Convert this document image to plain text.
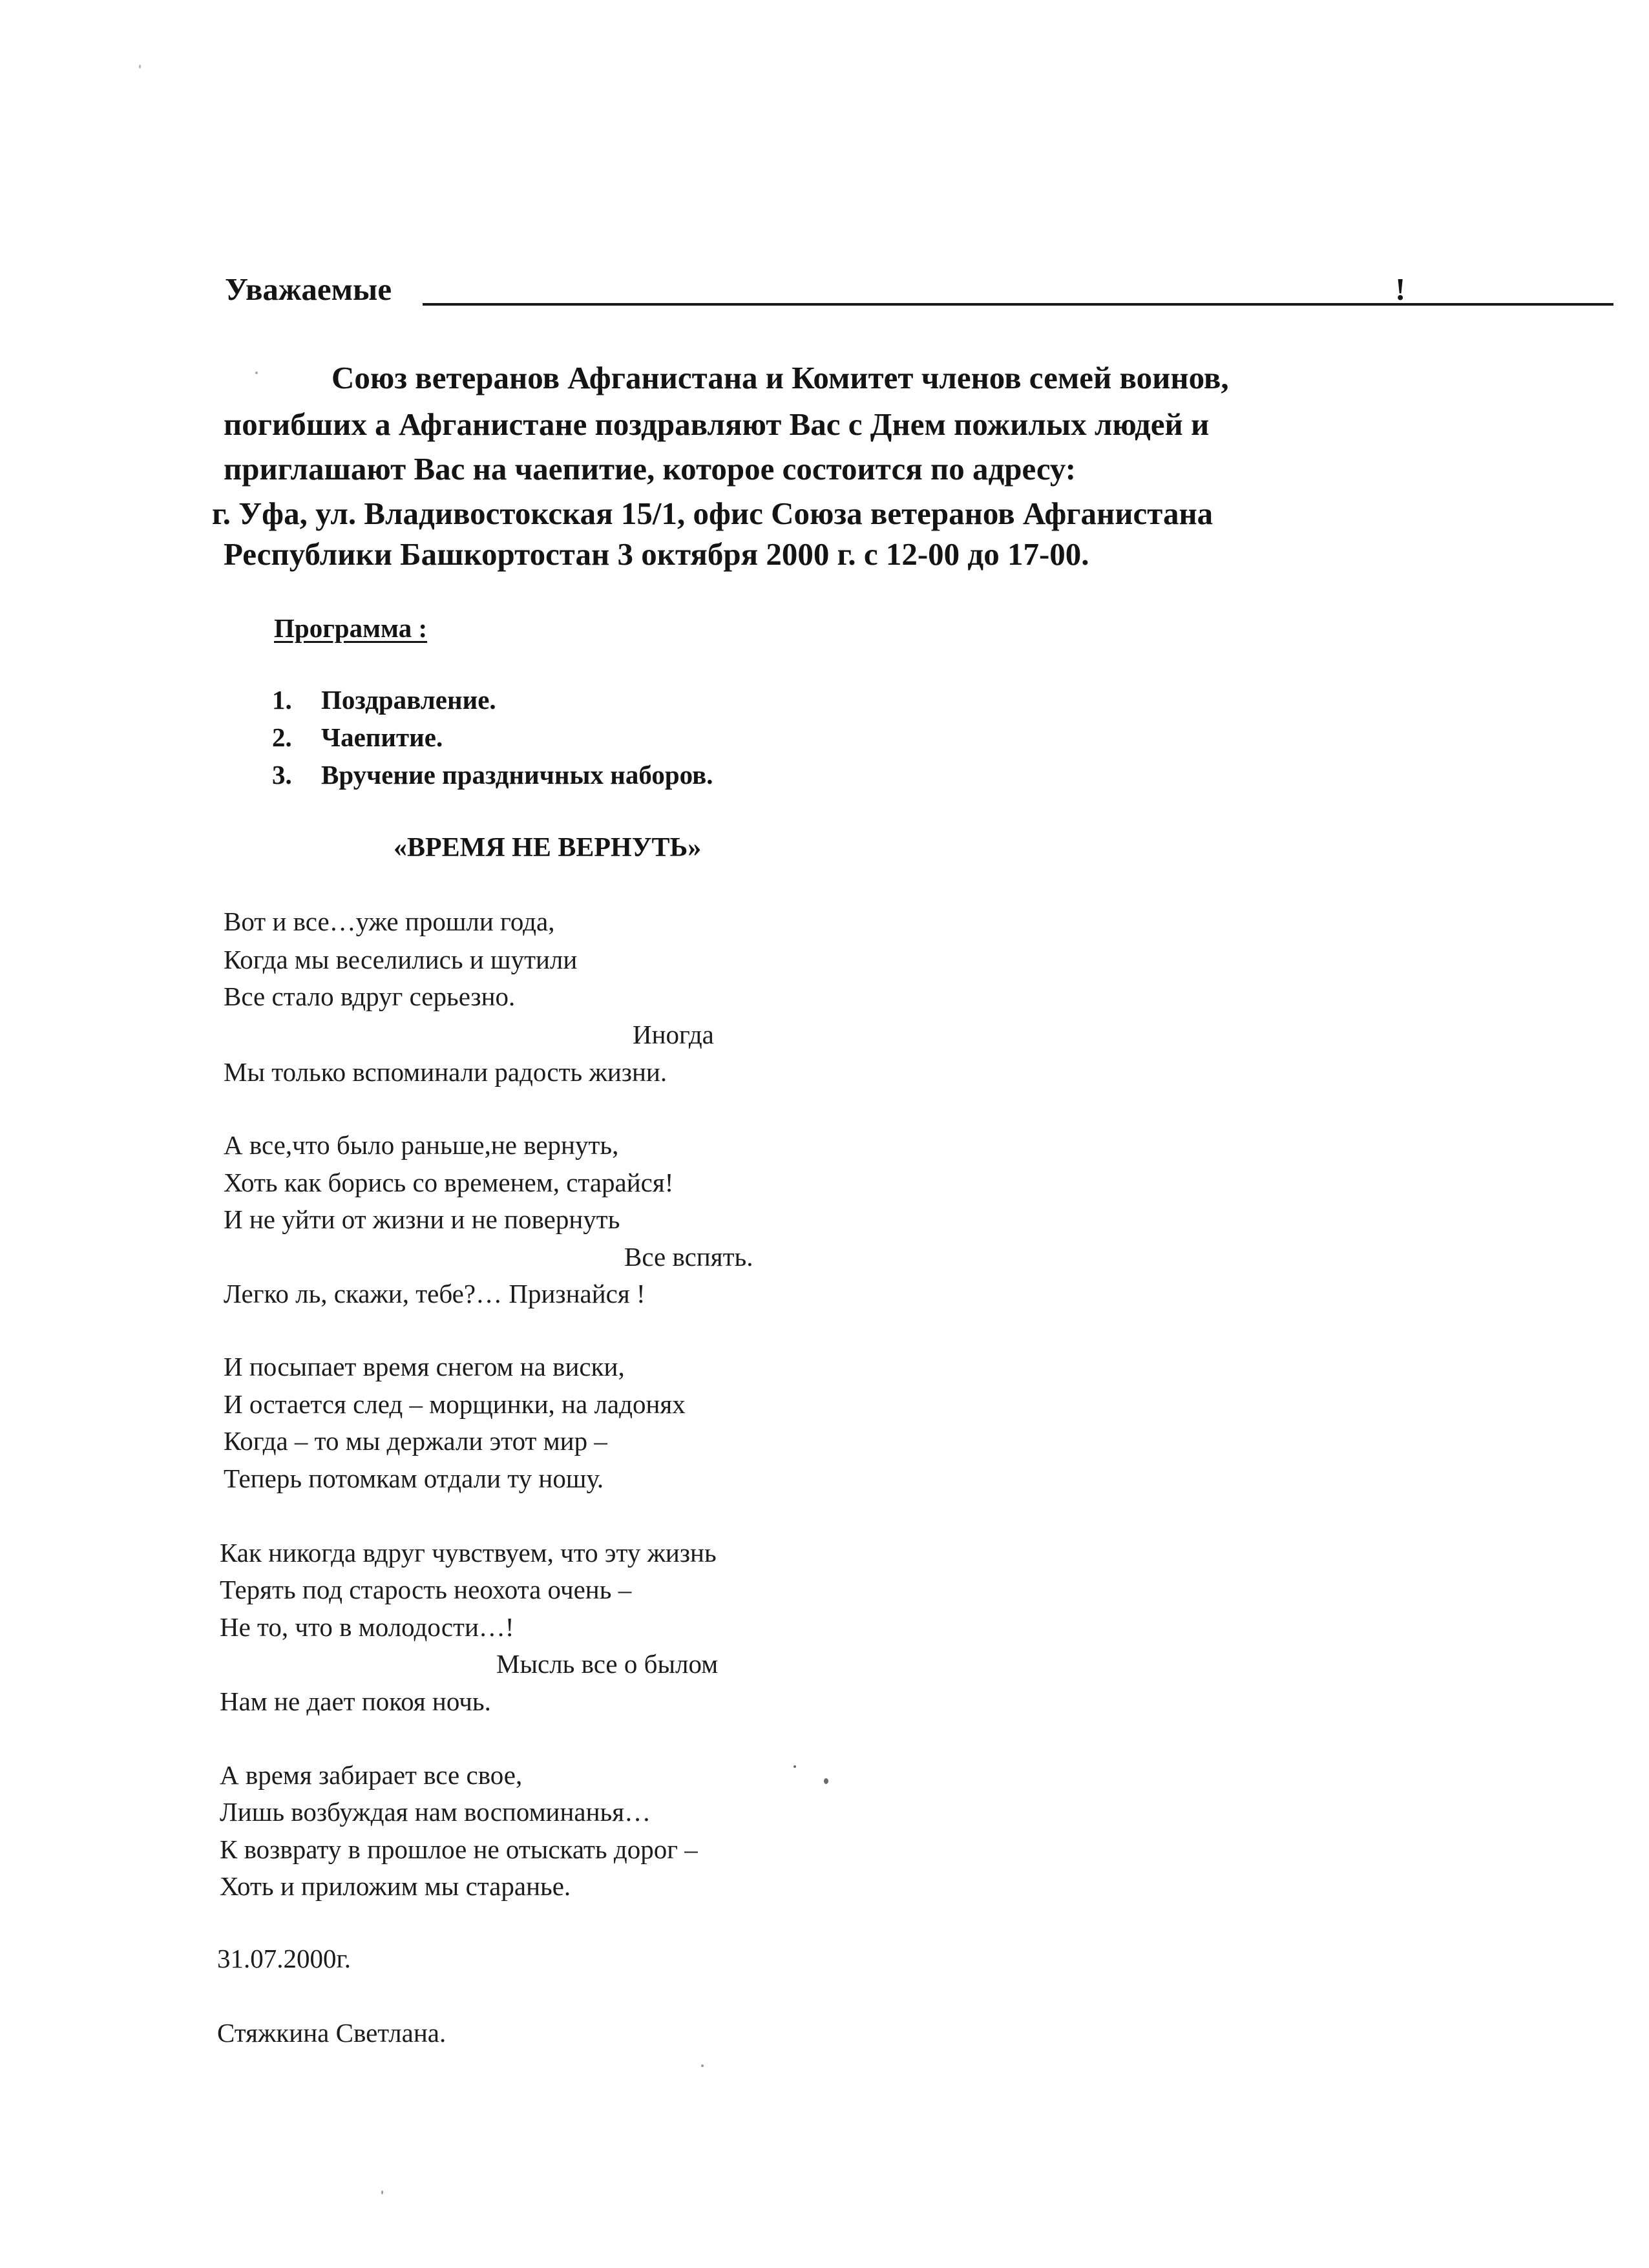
Уважаемые	!
Союз ветеранов Афганистана и Комитет членов семей воинов,
погибших а Афганистане поздравляют Вас с Днем пожилых людей и
приглашают Вас на чаепитие, которое состоится по адресу:
г. Уфа, ул. Владивостокская 15/1, офис Союза ветеранов Афганистана
Республики Башкортостан 3 октября 2000 г. с 12-00 до 17-00.
Программа :
1. Поздравление.
2. Чаепитие.
3. Вручение праздничных наборов.
«ВРЕМЯ НЕ ВЕРНУТЬ»
Вот и все…уже прошли года,
Когда мы веселились и шутили
Все стало вдруг серьезно.
Иногда
Мы только вспоминали радость жизни.
А все,что было раньше,не вернуть,
Хоть как борись со временем, старайся!
И не уйти от жизни и не повернуть
Все вспять.
Легко ль, скажи, тебе?… Признайся !
И посыпает время снегом на виски,
И остается след – морщинки, на ладонях
Когда – то мы держали этот мир –
Теперь потомкам отдали ту ношу.
Как никогда вдруг чувствуем, что эту жизнь
Терять под старость неохота очень –
Не то, что в молодости…!
Мысль все о былом
Нам не дает покоя ночь.
А время забирает все свое,
Лишь возбуждая нам воспоминанья…
К возврату в прошлое не отыскать дорог –
Хоть и приложим мы старанье.
31.07.2000г.
Стяжкина Светлана.
